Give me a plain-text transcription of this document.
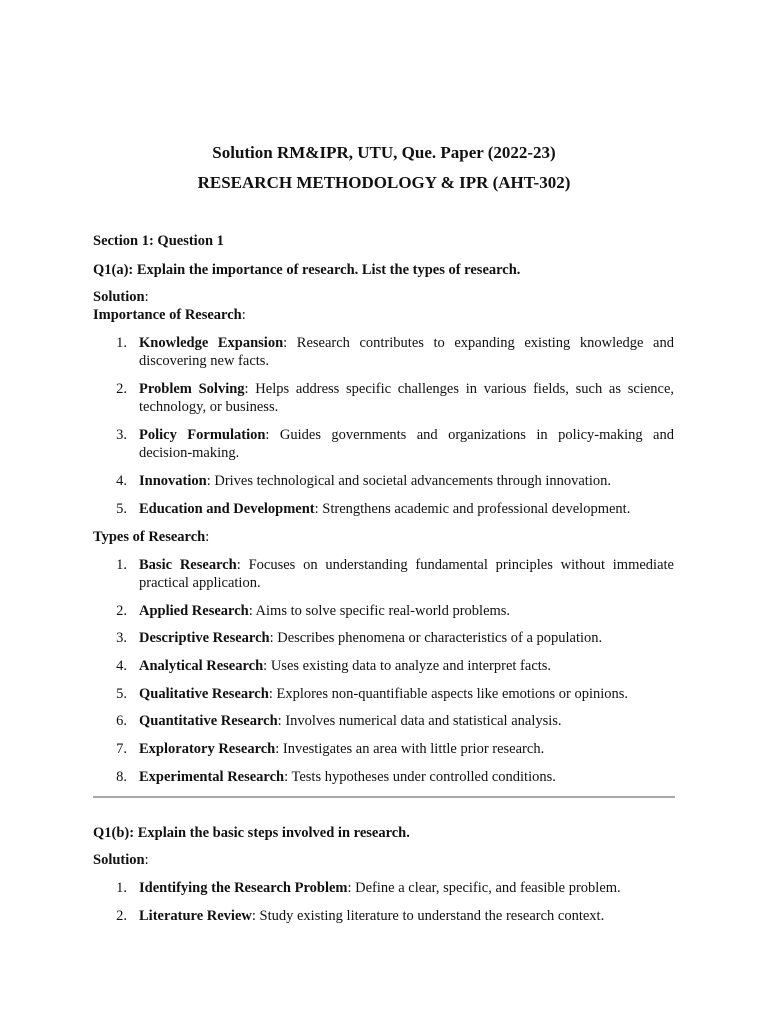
Solution RM&IPR, UTU, Que. Paper (2022-23)
RESEARCH METHODOLOGY & IPR (AHT-302)
Section 1: Question 1
Q1(a): Explain the importance of research. List the types of research.
Solution:
Importance of Research:
1. Knowledge Expansion: Research contributes to expanding existing knowledge and
discovering new facts.
2. Problem Solving: Helps address specific challenges in various fields, such as science,
technology, or business.
3. Policy Formulation: Guides governments and organizations in policy-making and
decision-making.
4. Innovation: Drives technological and societal advancements through innovation.
5. Education and Development: Strengthens academic and professional development.
Types of Research:
1. Basic Research: Focuses on understanding fundamental principles without immediate
practical application.
2. Applied Research: Aims to solve specific real-world problems.
3. Descriptive Research: Describes phenomena or characteristics of a population.
4. Analytical Research: Uses existing data to analyze and interpret facts.
5. Qualitative Research: Explores non-quantifiable aspects like emotions or opinions.
6. Quantitative Research: Involves numerical data and statistical analysis.
7. Exploratory Research: Investigates an area with little prior research.
8. Experimental Research: Tests hypotheses under controlled conditions.
Q1(b): Explain the basic steps involved in research.
Solution:
1. Identifying the Research Problem: Define a clear, specific, and feasible problem.
2. Literature Review: Study existing literature to understand the research context.
